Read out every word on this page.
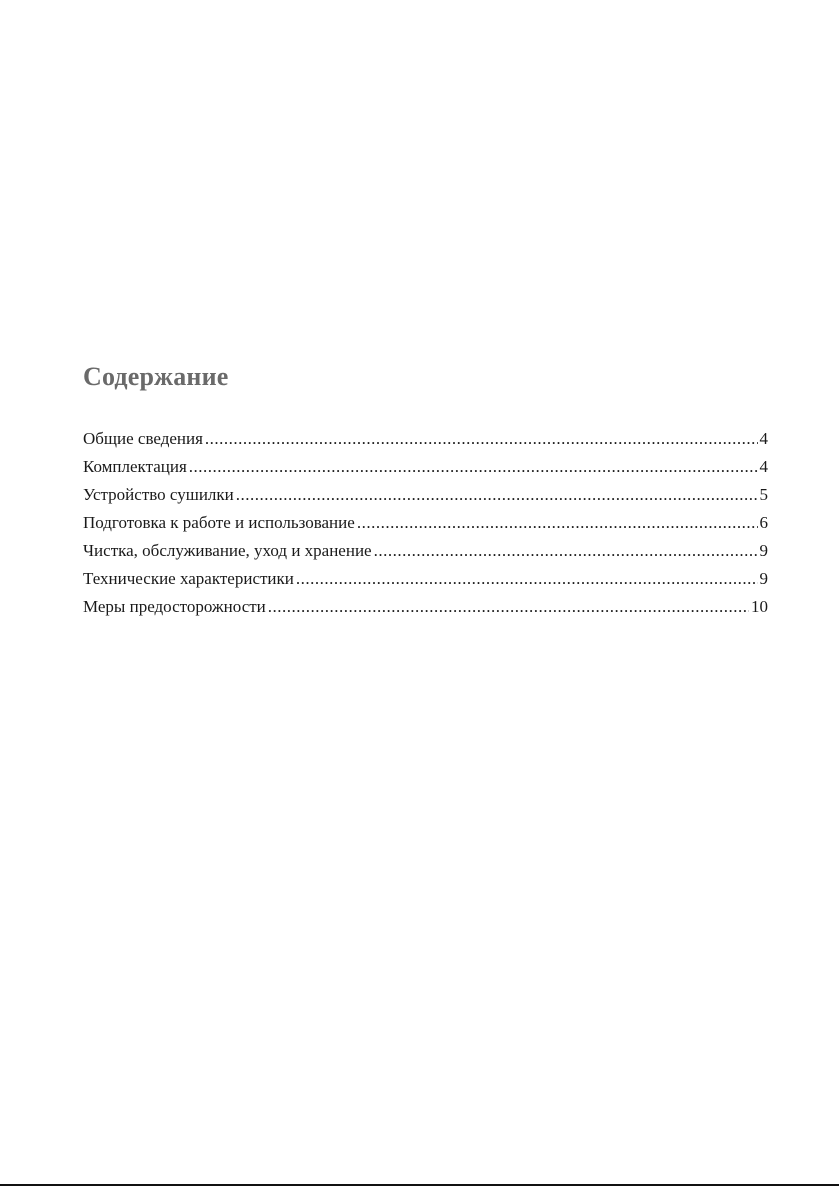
Содержание
Общие сведения .....	4
Комплектация .....	4
Устройство сушилки .....	5
Подготовка к работе и использование .....	6
Чистка, обслуживание, уход и хранение .....	9
Технические характеристики .....	9
Меры предосторожности .....	10
